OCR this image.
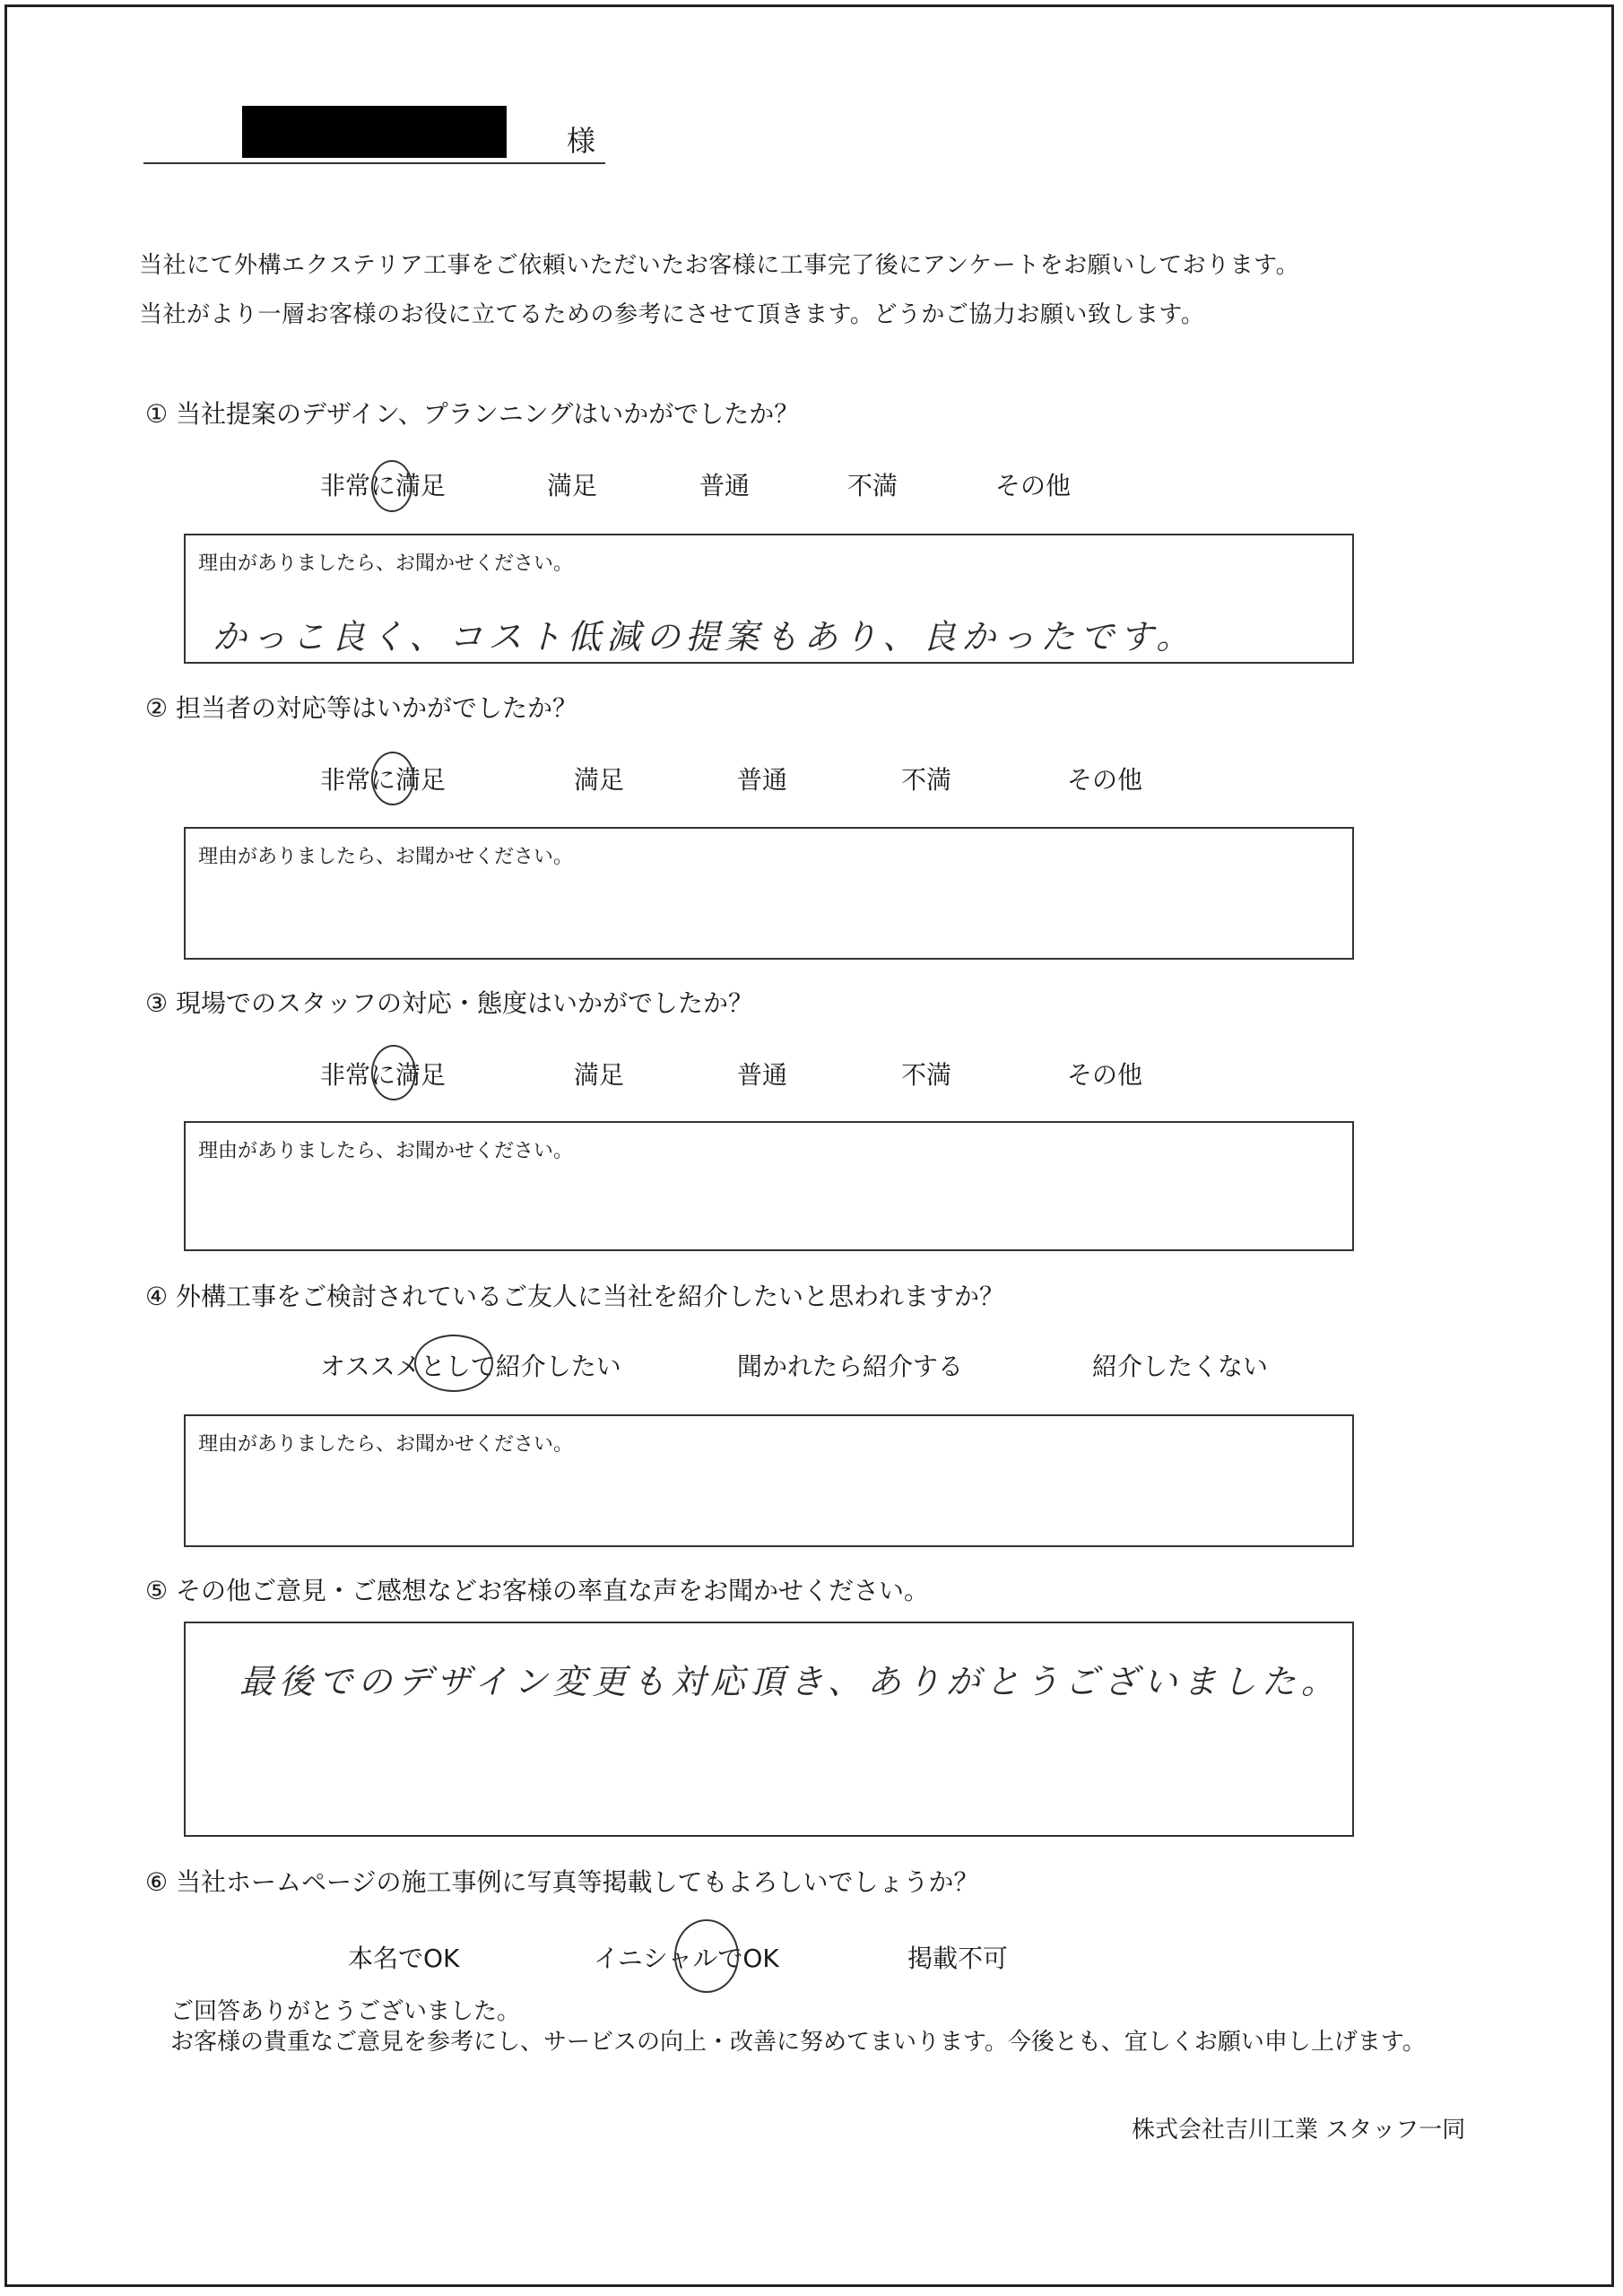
様
当社にて外構エクステリア工事をご依頼いただいたお客様に工事完了後にアンケートをお願いしております。
当社がより一層お客様のお役に立てるための参考にさせて頂きます。どうかご協力お願い致します。
① 当社提案のデザイン、プランニングはいかがでしたか？
非常に満足	満足	普通	不満	その他
理由がありましたら、お聞かせください。
かっこ良く、コスト低減の提案もあり、良かったです。
② 担当者の対応等はいかがでしたか？
非常に満足	満足	普通	不満	その他
理由がありましたら、お聞かせください。
③ 現場でのスタッフの対応・態度はいかがでしたか？
非常に満足	満足	普通	不満	その他
理由がありましたら、お聞かせください。
④ 外構工事をご検討されているご友人に当社を紹介したいと思われますか？
オススメとして紹介したい	聞かれたら紹介する	紹介したくない
理由がありましたら、お聞かせください。
⑤ その他ご意見・ご感想などお客様の率直な声をお聞かせください。
最後でのデザイン変更も対応頂き、ありがとうございました。
⑥ 当社ホームページの施工事例に写真等掲載してもよろしいでしょうか？
本名でOK	イニシャルでOK	掲載不可
ご回答ありがとうございました。
お客様の貴重なご意見を参考にし、サービスの向上・改善に努めてまいります。今後とも、宜しくお願い申し上げます。
株式会社吉川工業 スタッフ一同
